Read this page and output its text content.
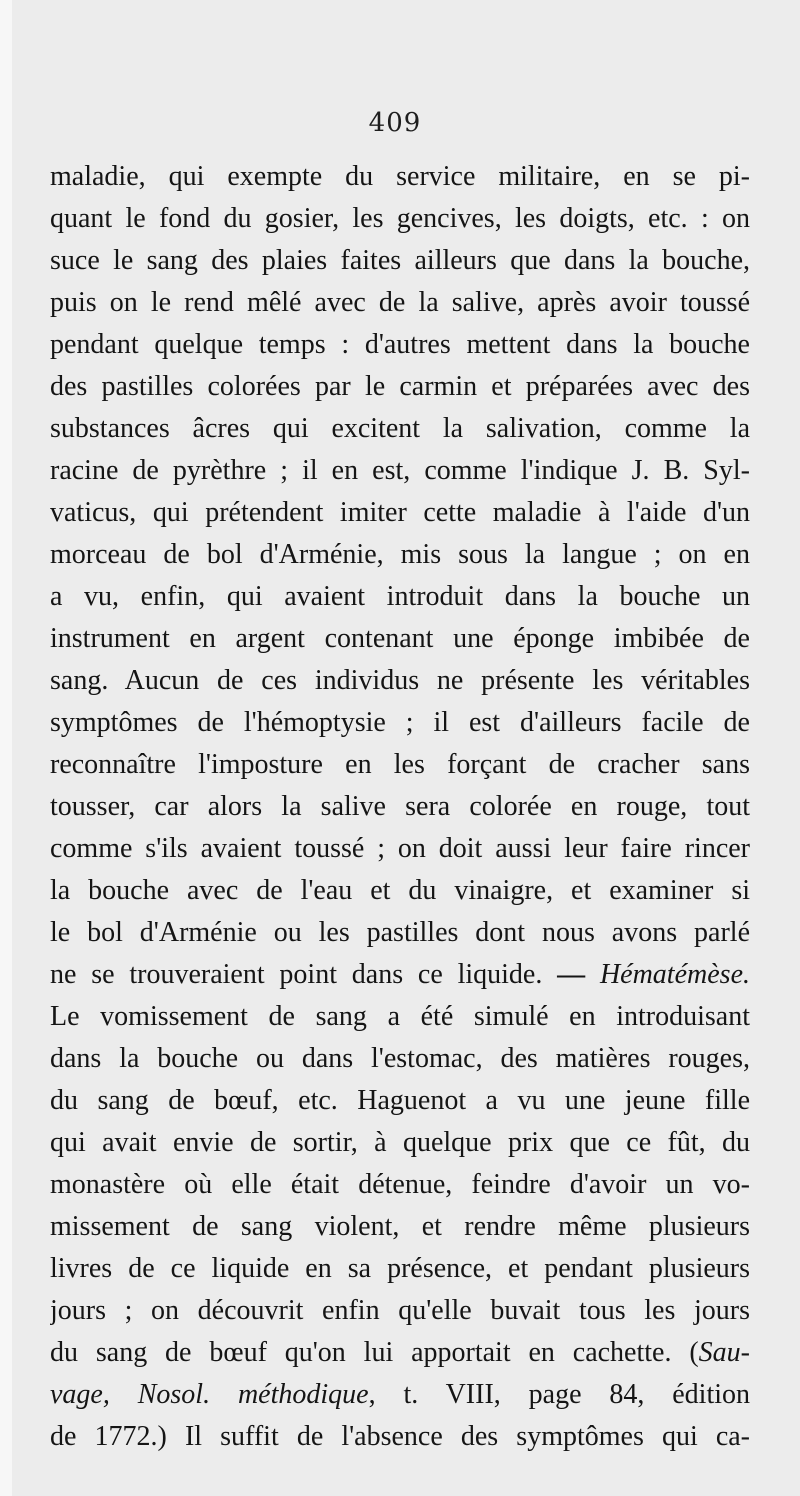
409
maladie, qui exempte du service militaire, en se pi-
quant le fond du gosier, les gencives, les doigts, etc. : on
suce le sang des plaies faites ailleurs que dans la bouche,
puis on le rend mêlé avec de la salive, après avoir toussé
pendant quelque temps : d'autres mettent dans la bouche
des pastilles colorées par le carmin et préparées avec des
substances âcres qui excitent la salivation, comme la
racine de pyrèthre ; il en est, comme l'indique J. B. Syl-
vaticus, qui prétendent imiter cette maladie à l'aide d'un
morceau de bol d'Arménie, mis sous la langue ; on en
a vu, enfin, qui avaient introduit dans la bouche un
instrument en argent contenant une éponge imbibée de
sang. Aucun de ces individus ne présente les véritables
symptômes de l'hémoptysie ; il est d'ailleurs facile de
reconnaître l'imposture en les forçant de cracher sans
tousser, car alors la salive sera colorée en rouge, tout
comme s'ils avaient toussé ; on doit aussi leur faire rincer
la bouche avec de l'eau et du vinaigre, et examiner si
le bol d'Arménie ou les pastilles dont nous avons parlé
ne se trouveraient point dans ce liquide. — Hématémèse.
Le vomissement de sang a été simulé en introduisant
dans la bouche ou dans l'estomac, des matières rouges,
du sang de bœuf, etc. Haguenot a vu une jeune fille
qui avait envie de sortir, à quelque prix que ce fût, du
monastère où elle était détenue, feindre d'avoir un vo-
missement de sang violent, et rendre même plusieurs
livres de ce liquide en sa présence, et pendant plusieurs
jours ; on découvrit enfin qu'elle buvait tous les jours
du sang de bœuf qu'on lui apportait en cachette. (Sau-
vage, Nosol. méthodique, t. VIII, page 84, édition
de 1772.) Il suffit de l'absence des symptômes qui ca-
